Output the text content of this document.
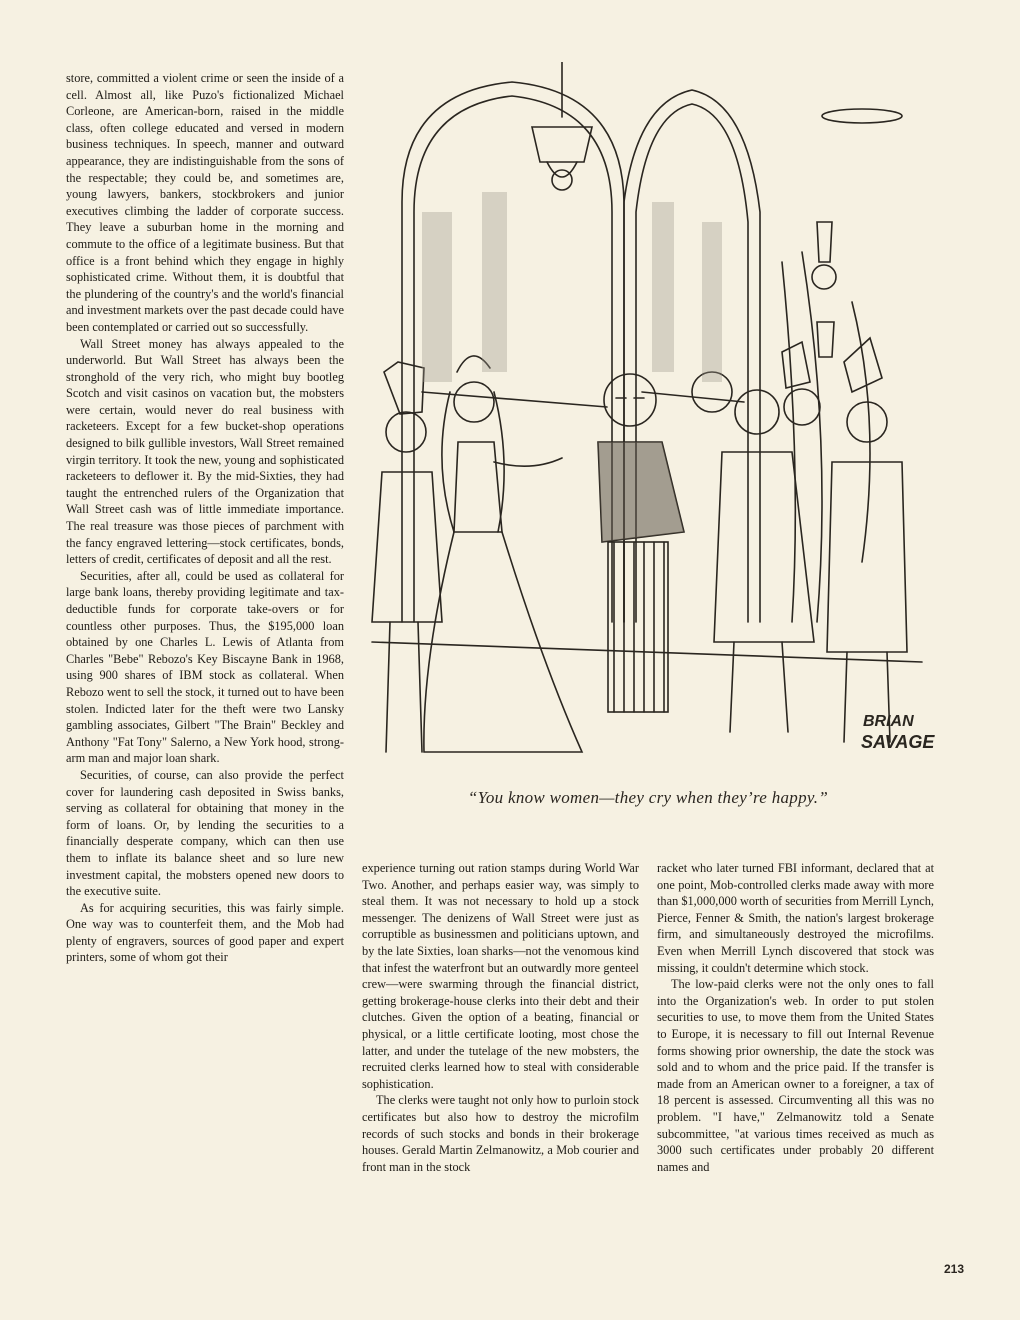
store, committed a violent crime or seen the inside of a cell. Almost all, like Puzo's fictionalized Michael Corleone, are American-born, raised in the middle class, often college educated and versed in modern business techniques. In speech, manner and outward appearance, they are indistinguishable from the sons of the respectable; they could be, and sometimes are, young lawyers, bankers, stockbrokers and junior executives climbing the ladder of corporate success. They leave a suburban home in the morning and commute to the office of a legitimate business. But that office is a front behind which they engage in highly sophisticated crime. Without them, it is doubtful that the plundering of the country's and the world's financial and investment markets over the past decade could have been contemplated or carried out so successfully.

Wall Street money has always appealed to the underworld. But Wall Street has always been the stronghold of the very rich, who might buy bootleg Scotch and visit casinos on vacation but, the mobsters were certain, would never do real business with racketeers. Except for a few bucket-shop operations designed to bilk gullible investors, Wall Street remained virgin territory. It took the new, young and sophisticated racketeers to deflower it. By the mid-Sixties, they had taught the entrenched rulers of the Organization that Wall Street cash was of little immediate importance. The real treasure was those pieces of parchment with the fancy engraved lettering—stock certificates, bonds, letters of credit, certificates of deposit and all the rest.

Securities, after all, could be used as collateral for large bank loans, thereby providing legitimate and tax-deductible funds for corporate take-overs or for countless other purposes. Thus, the $195,000 loan obtained by one Charles L. Lewis of Atlanta from Charles "Bebe" Rebozo's Key Biscayne Bank in 1968, using 900 shares of IBM stock as collateral. When Rebozo went to sell the stock, it turned out to have been stolen. Indicted later for the theft were two Lansky gambling associates, Gilbert "The Brain" Beckley and Anthony "Fat Tony" Salerno, a New York hood, strong-arm man and major loan shark.

Securities, of course, can also provide the perfect cover for laundering cash deposited in Swiss banks, serving as collateral for obtaining that money in the form of loans. Or, by lending the securities to a financially desperate company, which can then use them to inflate its balance sheet and so lure new investment capital, the mobsters opened new doors to the executive suite.

As for acquiring securities, this was fairly simple. One way was to counterfeit them, and the Mob had plenty of engravers, sources of good paper and expert printers, some of whom got their

BRIAN
SAVAGE
“You know women—they cry when they’re happy.”

experience turning out ration stamps during World War Two. Another, and perhaps easier way, was simply to steal them. It was not necessary to hold up a stock messenger. The denizens of Wall Street were just as corruptible as businessmen and politicians uptown, and by the late Sixties, loan sharks—not the venomous kind that infest the waterfront but an outwardly more genteel crew—were swarming through the financial district, getting brokerage-house clerks into their debt and their clutches. Given the option of a beating, financial or physical, or a little certificate looting, most chose the latter, and under the tutelage of the new mobsters, the recruited clerks learned how to steal with considerable sophistication.

The clerks were taught not only how to purloin stock certificates but also how to destroy the microfilm records of such stocks and bonds in their brokerage houses. Gerald Martin Zelmanowitz, a Mob courier and front man in the stock

racket who later turned FBI informant, declared that at one point, Mob-controlled clerks made away with more than $1,000,000 worth of securities from Merrill Lynch, Pierce, Fenner & Smith, the nation's largest brokerage firm, and simultaneously destroyed the microfilms. Even when Merrill Lynch discovered that stock was missing, it couldn't determine which stock.

The low-paid clerks were not the only ones to fall into the Organization's web. In order to put stolen securities to use, to move them from the United States to Europe, it is necessary to fill out Internal Revenue forms showing prior ownership, the date the stock was sold and to whom and the price paid. If the transfer is made from an American owner to a foreigner, a tax of 18 percent is assessed. Circumventing all this was no problem. "I have," Zelmanowitz told a Senate subcommittee, "at various times received as much as 3000 such certificates under probably 20 different names and

213
